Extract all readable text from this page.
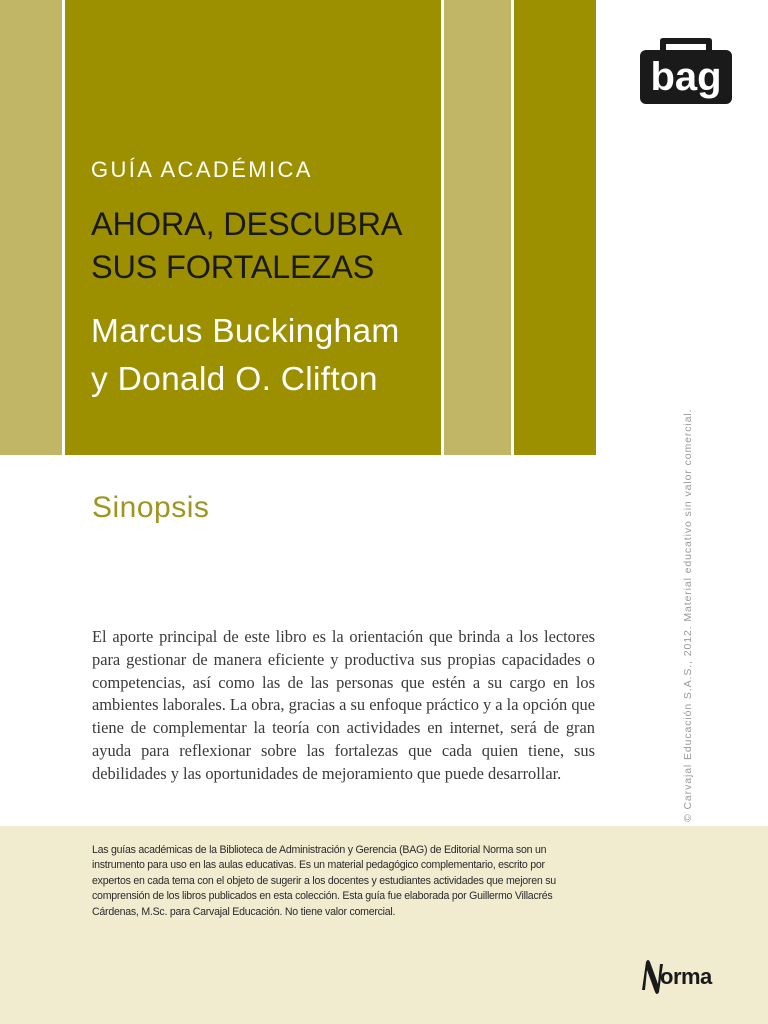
GUÍA ACADÉMICA

AHORA, DESCUBRA
SUS FORTALEZAS
Marcus Buckingham
y Donald O. Clifton
bag

© Carvajal Educación S.A.S., 2012. Material educativo sin valor comercial.

Sinopsis

El aporte principal de este libro es la orientación que brinda a los lectores para gestionar de manera eficiente y productiva sus propias capacidades o competencias, así como las de las personas que estén a su cargo en los ambientes laborales. La obra, gracias a su enfoque práctico y a la opción que tiene de complementar la teoría con actividades en internet, será de gran ayuda para reflexionar sobre las fortalezas que cada quien tiene, sus debilidades y las oportunidades de mejoramiento que puede desarrollar.

Las guías académicas de la Biblioteca de Administración y Gerencia (BAG) de Editorial Norma son un instrumento para uso en las aulas educativas. Es un material pedagógico complementario, escrito por expertos en cada tema con el objeto de sugerir a los docentes y estudiantes actividades que mejoren su comprensión de los libros publicados en esta colección. Esta guía fue elaborada por Guillermo Villacrés Cárdenas, M.Sc. para Carvajal Educación. No tiene valor comercial.

orma
